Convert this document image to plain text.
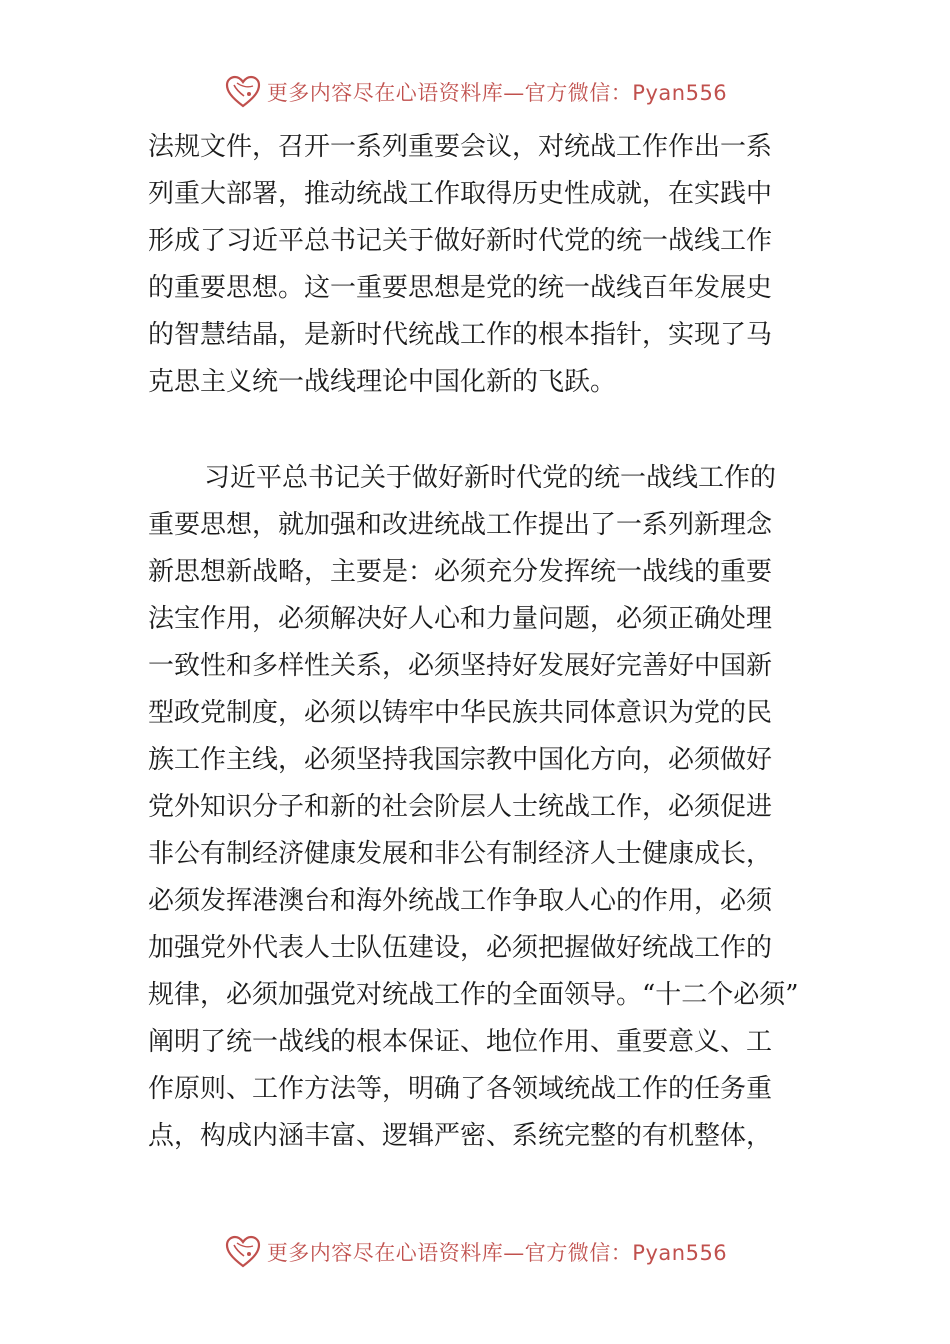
更多内容尽在心语资料库—官方微信：Pyan556
法规文件，召开一系列重要会议，对统战工作作出一系
列重大部署，推动统战工作取得历史性成就，在实践中
形成了习近平总书记关于做好新时代党的统一战线工作
的重要思想。这一重要思想是党的统一战线百年发展史
的智慧结晶，是新时代统战工作的根本指针，实现了马
克思主义统一战线理论中国化新的飞跃。
习近平总书记关于做好新时代党的统一战线工作的
重要思想，就加强和改进统战工作提出了一系列新理念
新思想新战略，主要是：必须充分发挥统一战线的重要
法宝作用，必须解决好人心和力量问题，必须正确处理
一致性和多样性关系，必须坚持好发展好完善好中国新
型政党制度，必须以铸牢中华民族共同体意识为党的民
族工作主线，必须坚持我国宗教中国化方向，必须做好
党外知识分子和新的社会阶层人士统战工作，必须促进
非公有制经济健康发展和非公有制经济人士健康成长，
必须发挥港澳台和海外统战工作争取人心的作用，必须
加强党外代表人士队伍建设，必须把握做好统战工作的
规律，必须加强党对统战工作的全面领导。“十二个必须”
阐明了统一战线的根本保证、地位作用、重要意义、工
作原则、工作方法等，明确了各领域统战工作的任务重
点，构成内涵丰富、逻辑严密、系统完整的有机整体，
更多内容尽在心语资料库—官方微信：Pyan556
